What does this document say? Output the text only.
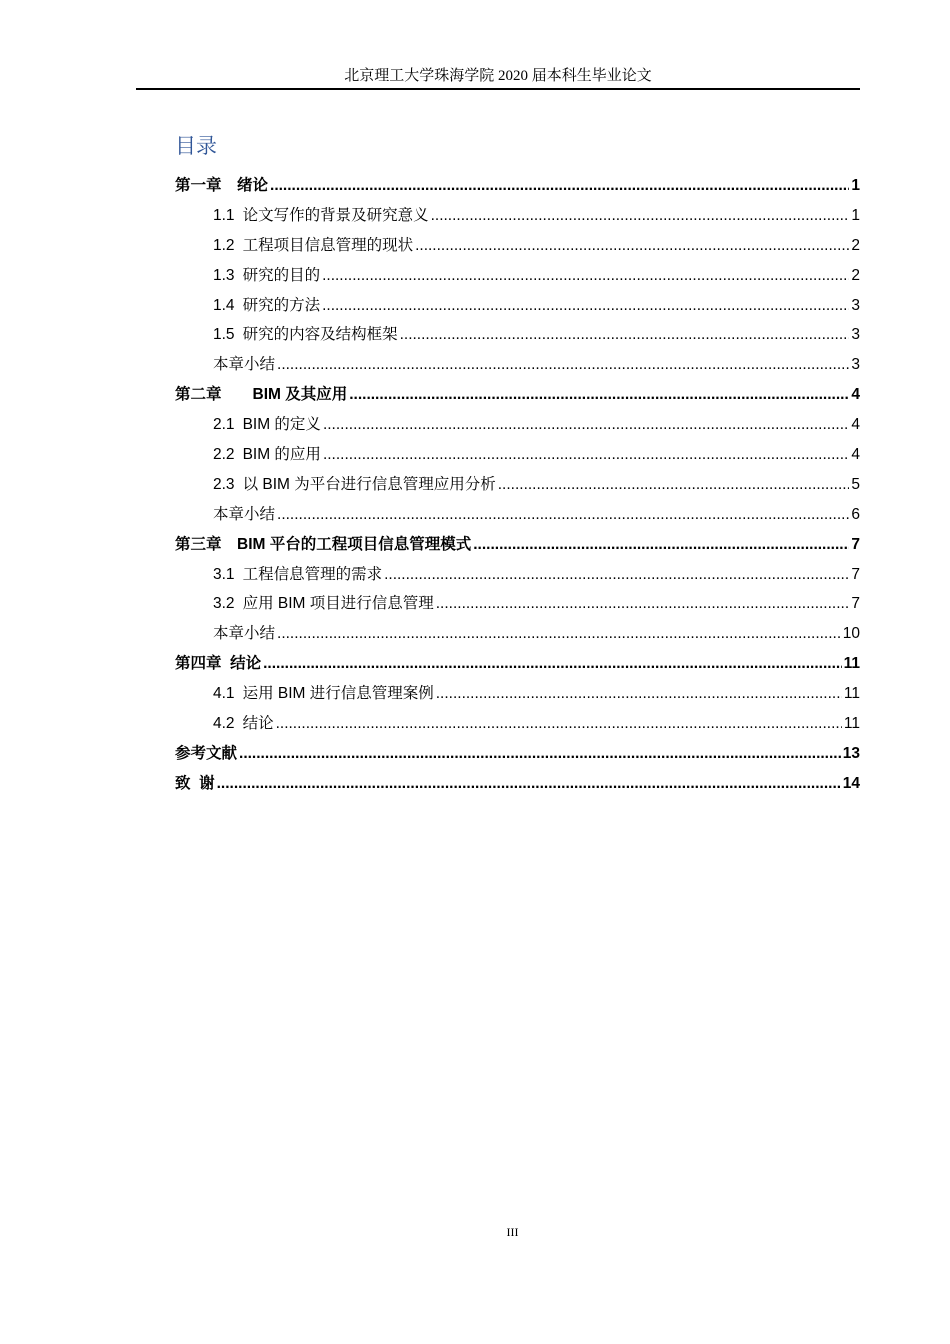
北京理工大学珠海学院 2020 届本科生毕业论文
目录
第一章　绪论 .....	1
1.1 论文写作的背景及研究意义 .....	1
1.2 工程项目信息管理的现状 .....	2
1.3 研究的目的 .....	2
1.4 研究的方法 .....	3
1.5 研究的内容及结构框架 .....	3
本章小结 .....	3
第二章　　BIM 及其应用 .....	4
2.1 BIM 的定义 .....	4
2.2 BIM 的应用 .....	4
2.3 以 BIM 为平台进行信息管理应用分析 .....	5
本章小结 .....	6
第三章　BIM 平台的工程项目信息管理模式 .....	7
3.1 工程信息管理的需求 .....	7
3.2 应用 BIM 项目进行信息管理 .....	7
本章小结 .....	10
第四章  结论 .....	11
4.1 运用 BIM 进行信息管理案例 .....	11
4.2 结论 .....	11
参考文献 .....	13
致  谢 .....	14
III
